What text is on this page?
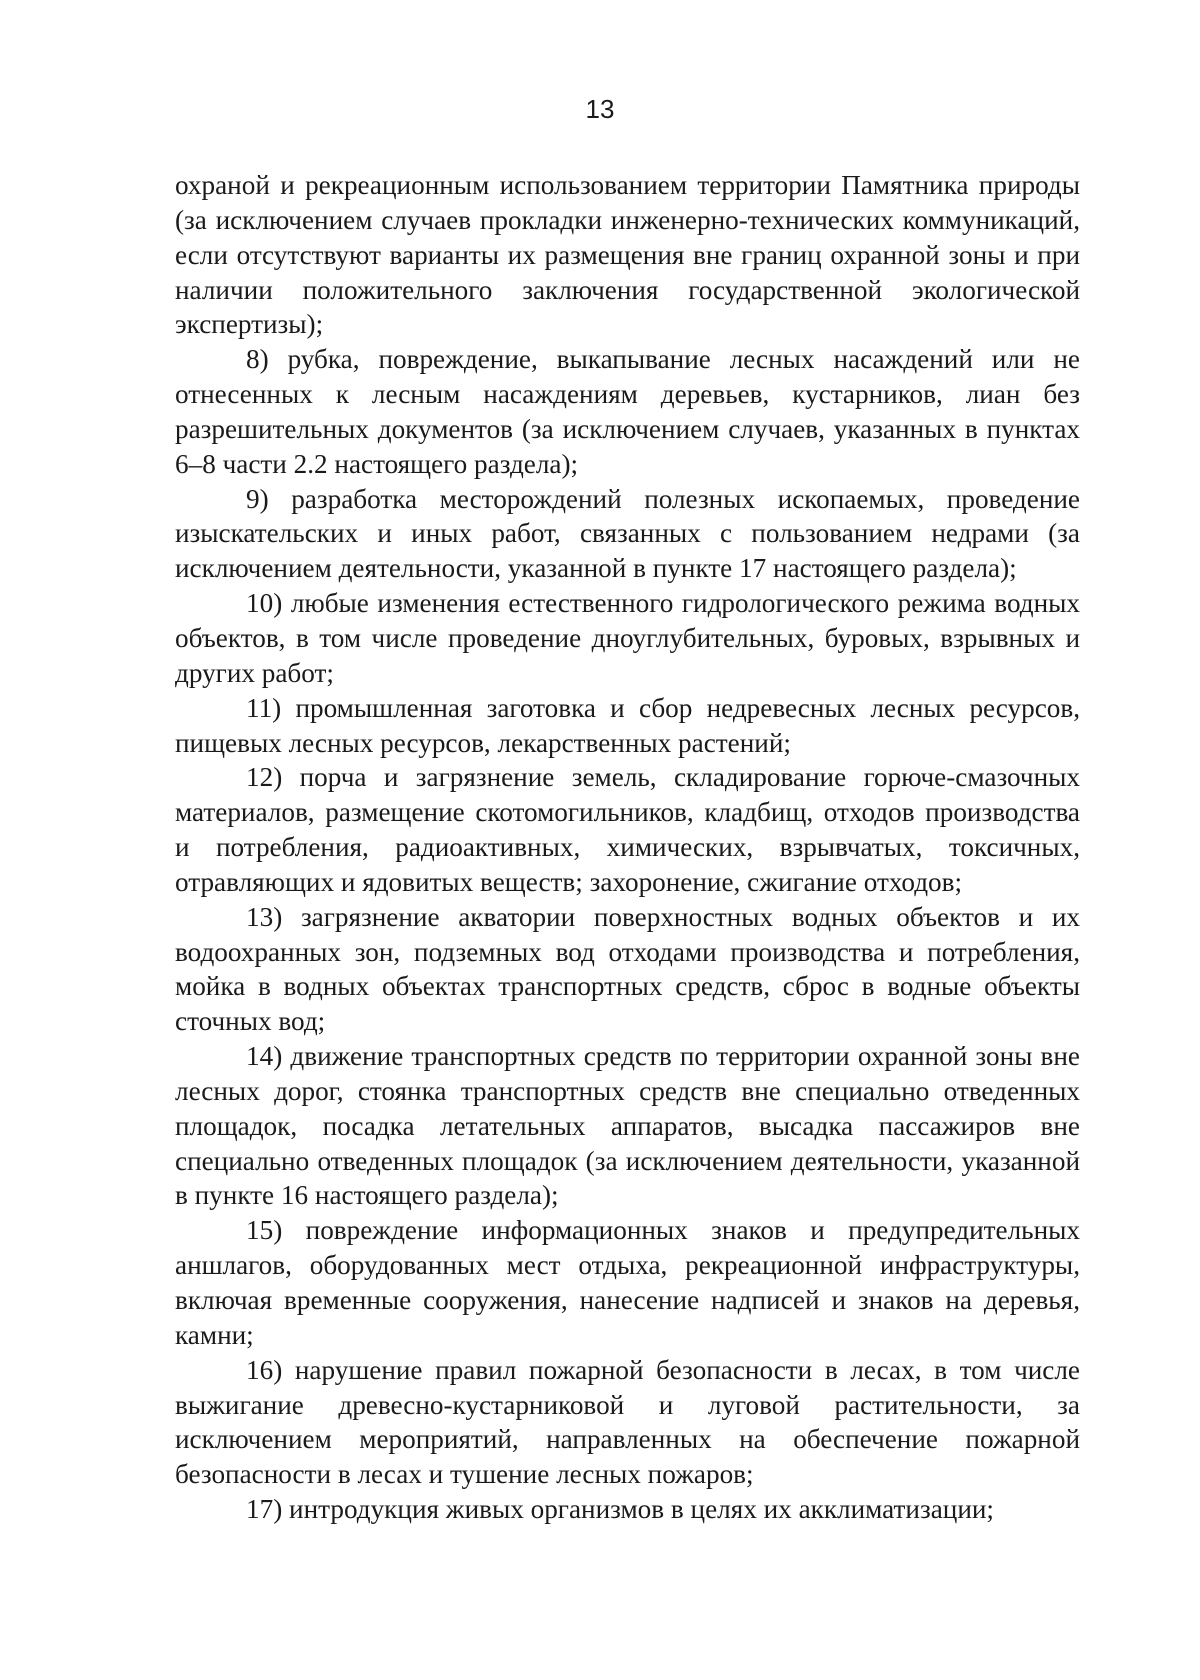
13

охраной и рекреационным использованием территории Памятника природы (за исключением случаев прокладки инженерно-технических коммуникаций, если отсутствуют варианты их размещения вне границ охранной зоны и при наличии положительного заключения государственной экологической экспертизы);

8) рубка, повреждение, выкапывание лесных насаждений или не отнесенных к лесным насаждениям деревьев, кустарников, лиан без разрешительных документов (за исключением случаев, указанных в пунктах 6–8 части 2.2 настоящего раздела);

9) разработка месторождений полезных ископаемых, проведение изыскательских и иных работ, связанных с пользованием недрами (за исключением деятельности, указанной в пункте 17 настоящего раздела);

10) любые изменения естественного гидрологического режима водных объектов, в том числе проведение дноуглубительных, буровых, взрывных и других работ;

11) промышленная заготовка и сбор недревесных лесных ресурсов, пищевых лесных ресурсов, лекарственных растений;

12) порча и загрязнение земель, складирование горюче-смазочных материалов, размещение скотомогильников, кладбищ, отходов производства и потребления, радиоактивных, химических, взрывчатых, токсичных, отравляющих и ядовитых веществ; захоронение, сжигание отходов;

13) загрязнение акватории поверхностных водных объектов и их водоохранных зон, подземных вод отходами производства и потребления, мойка в водных объектах транспортных средств, сброс в водные объекты сточных вод;

14) движение транспортных средств по территории охранной зоны вне лесных дорог, стоянка транспортных средств вне специально отведенных площадок, посадка летательных аппаратов, высадка пассажиров вне специально отведенных площадок (за исключением деятельности, указанной в пункте 16 настоящего раздела);

15) повреждение информационных знаков и предупредительных аншлагов, оборудованных мест отдыха, рекреационной инфраструктуры, включая временные сооружения, нанесение надписей и знаков на деревья, камни;

16) нарушение правил пожарной безопасности в лесах, в том числе выжигание древесно-кустарниковой и луговой растительности, за исключением мероприятий, направленных на обеспечение пожарной безопасности в лесах и тушение лесных пожаров;

17) интродукция живых организмов в целях их акклиматизации;
